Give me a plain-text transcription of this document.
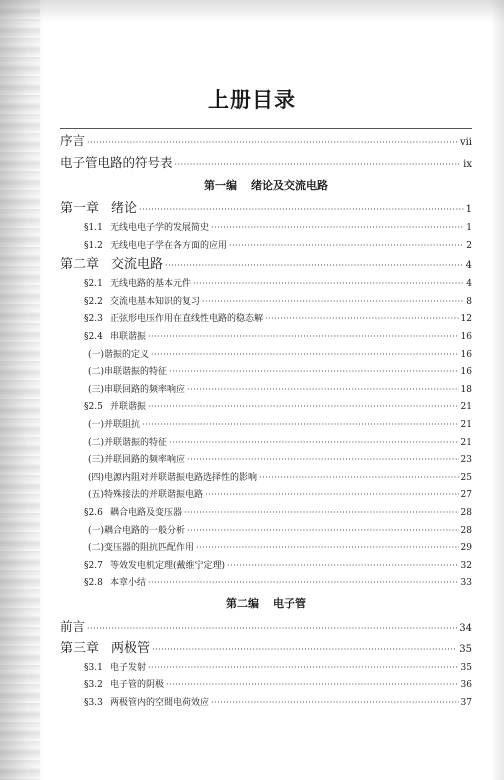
上册目录
序言 ·····	vii
电子管电路的符号表 ·····	ix
第一编 绪论及交流电路
第一章 绪论 ·····	1
§1.1 无线电电子学的发展简史 ·····	1
§1.2 无线电电子学在各方面的应用 ·····	2
第二章 交流电路 ·····	4
§2.1 无线电路的基本元件 ·····	4
§2.2 交流电基本知识的复习 ·····	8
§2.3 正弦形电压作用在直线性电路的稳态解 ·····	12
§2.4 串联谐振 ·····	16
(一)谐振的定义 ·····	16
(二)串联谐振的特征 ·····	16
(三)串联回路的频率响应 ·····	18
§2.5 并联谐振 ·····	21
(一)并联阻抗 ·····	21
(二)并联谐振的特征 ·····	21
(三)并联回路的频率响应 ·····	23
(四)电源内阻对并联谐振电路选择性的影响 ·····	25
(五)特殊接法的并联谐振电路 ·····	27
§2.6 耦合电路及变压器 ·····	28
(一)耦合电路的一般分析 ·····	28
(二)变压器的阻抗匹配作用 ·····	29
§2.7 等效发电机定理(戴维宁定理) ·····	32
§2.8 本章小结 ·····	33
第二编 电子管
前言 ·····	34
第三章 两极管 ·····	35
§3.1 电子发射 ·····	35
§3.2 电子管的阴极 ·····	36
§3.3 两极管内的空間电荷效应 ·····	37
